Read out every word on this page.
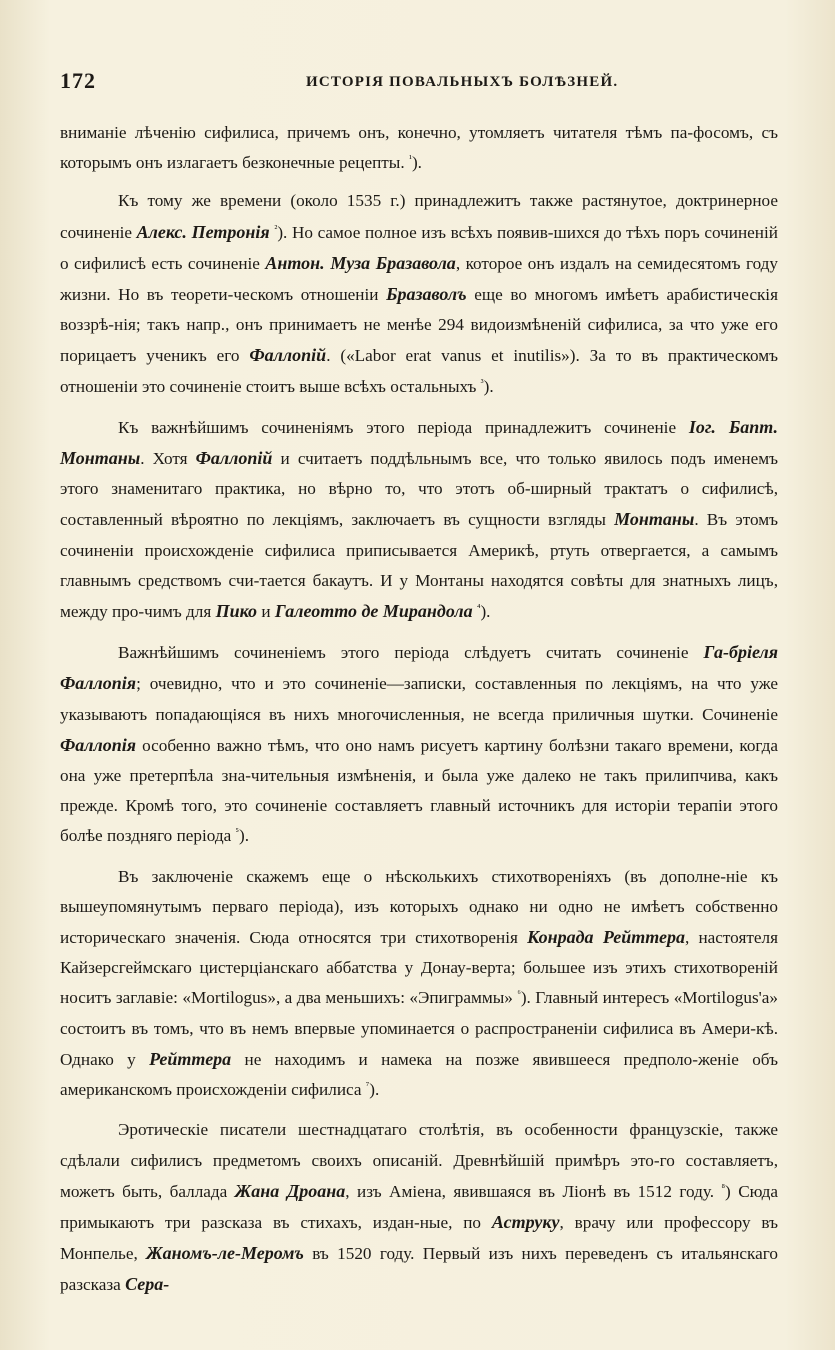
172	ИСТОРІЯ ПОВАЛЬНЫХЪ БОЛѢЗНЕЙ.

вниманіе лѣченію сифилиса, причемъ онъ, конечно, утомляетъ читателя тѣмъ па-фосомъ, съ которымъ онъ излагаетъ безконечные рецепты. $^{^1}$).

Къ тому же времени (около 1535 г.) принадлежитъ также растянутое, доктринерное сочиненіе Алекс. Петронія $^{^2}$). Но самое полное изъ всѣхъ появив-шихся до тѣхъ поръ сочиненій о сифилисѣ есть сочиненіе Антон. Муза Бразавола, которое онъ издалъ на семидесятомъ году жизни. Но въ теорети-ческомъ отношеніи Бразаволъ еще во многомъ имѣетъ арабистическія воззрѣ-нія; такъ напр., онъ принимаетъ не менѣе 294 видоизмѣненій сифилиса, за что уже его порицаетъ ученикъ его Фаллопій. («Labor erat vanus et inutilis»). За то въ практическомъ отношеніи это сочиненіе стоитъ выше всѣхъ остальныхъ $^{^3}$).

Къ важнѣйшимъ сочиненіямъ этого періода принадлежитъ сочиненіе Іог. Бапт. Монтаны. Хотя Фаллопій и считаетъ поддѣльнымъ все, что только явилось подъ именемъ этого знаменитаго практика, но вѣрно то, что этотъ об-ширный трактатъ о сифилисѣ, составленный вѣроятно по лекціямъ, заключаетъ въ сущности взгляды Монтаны. Въ этомъ сочиненіи происхожденіе сифилиса приписывается Америкѣ, ртуть отвергается, а самымъ главнымъ средствомъ счи-тается бакаутъ. И у Монтаны находятся совѣты для знатныхъ лицъ, между про-чимъ для Пико и Галеотто де Мирандола $^{^4}$).

Важнѣйшимъ сочиненіемъ этого періода слѣдуетъ считать сочиненіе Га-бріеля Фаллопія; очевидно, что и это сочиненіе—записки, составленныя по лекціямъ, на что уже указываютъ попадающіяся въ нихъ многочисленныя, не всегда приличныя шутки. Сочиненіе Фаллопія особенно важно тѣмъ, что оно намъ рисуетъ картину болѣзни такаго времени, когда она уже претерпѣла зна-чительныя измѣненія, и была уже далеко не такъ прилипчива, какъ прежде. Кромѣ того, это сочиненіе составляетъ главный источникъ для исторіи терапіи этого болѣе поздняго періода $^{^5}$).

Въ заключеніе скажемъ еще о нѣсколькихъ стихотвореніяхъ (въ дополне-ніе къ вышеупомянутымъ перваго періода), изъ которыхъ однако ни одно не имѣетъ собственно историческаго значенія. Сюда относятся три стихотворенія Конрада Рейттера, настоятеля Кайзерсгеймскаго цистерціанскаго аббатства у Донау-верта; большее изъ этихъ стихотвореній носитъ заглавіе: «Mortilogus», а два меньшихъ: «Эпиграммы» $^{^6}$). Главный интересъ «Mortilogus'а» состоитъ въ томъ, что въ немъ впервые упоминается о распространеніи сифилиса въ Амери-кѣ. Однако у Рейттера не находимъ и намека на позже явившееся предполо-женіе объ американскомъ происхожденіи сифилиса $^{^7}$).

Эротическіе писатели шестнадцатаго столѣтія, въ особенности французскіе, также сдѣлали сифилисъ предметомъ своихъ описаній. Древнѣйшій примѣръ это-го составляетъ, можетъ быть, баллада Жана Дроана, изъ Аміена, явившаяся въ Ліонѣ въ 1512 году. $^{^8}$) Сюда примыкаютъ три разсказа въ стихахъ, издан-ные, по Аструку, врачу или профессору въ Монпелье, Жаномъ-ле-Меромъ въ 1520 году. Первый изъ нихъ переведенъ съ итальянскаго разсказа Сера-
